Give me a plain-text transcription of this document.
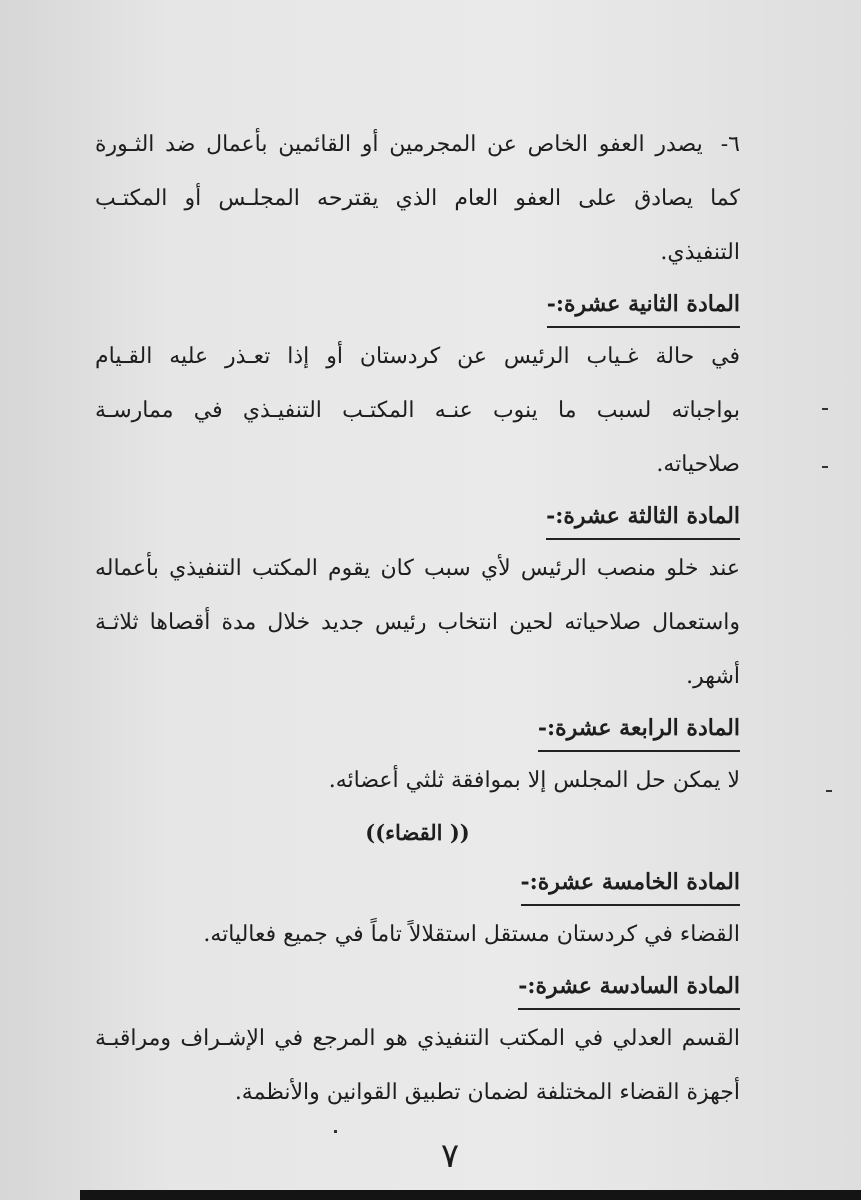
٦-يصدر العفو الخاص عن المجرمين أو القائمين بأعمال ضد الثـورة
كما يصادق على العفو العام الذي يقترحه المجلـس أو المكتـب
التنفيذي.
المادة الثانية عشرة:-
في حالة غـياب الرئيس عن كردستان أو إذا تعـذر عليه القـيام
بواجباته لسبب ما ينوب عنـه المكتـب التنفيـذي في ممارسـة
صلاحياته.
المادة الثالثة عشرة:-
عند خلو منصب الرئيس لأي سبب كان يقوم المكتب التنفيذي بأعماله
واستعمال صلاحياته لحين انتخاب رئيس جديد خلال مدة أقصاها ثلاثـة
أشهر.
المادة الرابعة عشرة:-
لا يمكن حل المجلس إلا بموافقة ثلثي أعضائه.
(( القضاء))
المادة الخامسة عشرة:-
القضاء في كردستان مستقل استقلالاً تاماً في جميع فعالياته.
المادة السادسة عشرة:-
القسم العدلي في المكتب التنفيذي هو المرجع في الإشـراف ومراقبـة
أجهزة القضاء المختلفة لضمان تطبيق القوانين والأنظمة.
٧
